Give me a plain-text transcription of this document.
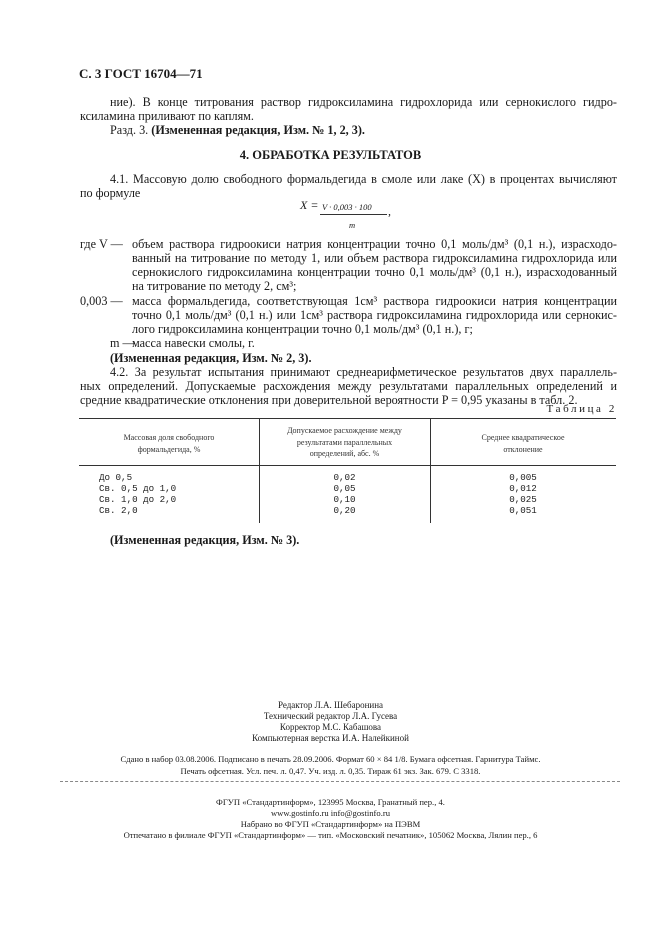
С. 3 ГОСТ 16704—71
ние). В конце титрования раствор гидроксиламина гидрохлорида или сернокислого гидро-
ксиламина приливают по каплям.
Разд. 3. (Измененная редакция, Изм. № 1, 2, 3).
4. ОБРАБОТКА РЕЗУЛЬТАТОВ
4.1. Массовую долю свободного формальдегида в смоле или лаке (X) в процентах вычисляют
по формуле
X = V · 0,003 · 100
m
,
где V — объем раствора гидроокиси натрия концентрации точно 0,1 моль/дм³ (0,1 н.), израсходо-
ванный на титрование по методу 1, или объем раствора гидроксиламина гидрохлорида или
сернокислого гидроксиламина концентрации точно 0,1 моль/дм³ (0,1 н.), израсходованный
на титрование по методу 2, см³;
0,003 — масса формальдегида, соответствующая 1см³ раствора гидроокиси натрия концентрации
точно 0,1 моль/дм³ (0,1 н.) или 1см³ раствора гидроксиламина гидрохлорида или сернокис-
лого гидроксиламина концентрации точно 0,1 моль/дм³ (0,1 н.), г;
m —
масса навески смолы, г.
(Измененная редакция, Изм. № 2, 3).
4.2. За результат испытания принимают среднеарифметическое результатов двух параллель-
ных определений. Допускаемые расхождения между результатами параллельных определений и
средние квадратические отклонения при доверительной вероятности P = 0,95 указаны в табл. 2.
Таблица 2
Массовая доля свободного
формальдегида, %
Допускаемое расхождение между
результатами параллельных
определений, абс. %
Среднее квадратическое
отклонение
До 0,5	0,02	0,005
Св. 0,5 до 1,0	0,05	0,012
Св. 1,0 до 2,0	0,10	0,025
Св. 2,0	0,20	0,051
(Измененная редакция, Изм. № 3).
Редактор Л.А. Шебаронина
Технический редактор Л.А. Гусева
Корректор М.С. Кабашова
Компьютерная верстка И.А. Налейкиной
Сдано в набор 03.08.2006. Подписано в печать 28.09.2006. Формат 60 × 84 1/8. Бумага офсетная. Гарнитура Таймс.
Печать офсетная. Усл. печ. л. 0,47. Уч. изд. л. 0,35. Тираж 61 экз. Зак. 679. С 3318.
ФГУП «Стандартинформ», 123995 Москва, Гранатный пер., 4.
www.gostinfo.ru info@gostinfo.ru
Набрано во ФГУП «Стандартинформ» на ПЭВМ
Отпечатано в филиале ФГУП «Стандартинформ» — тип. «Московский печатник», 105062 Москва, Лялин пер., 6
